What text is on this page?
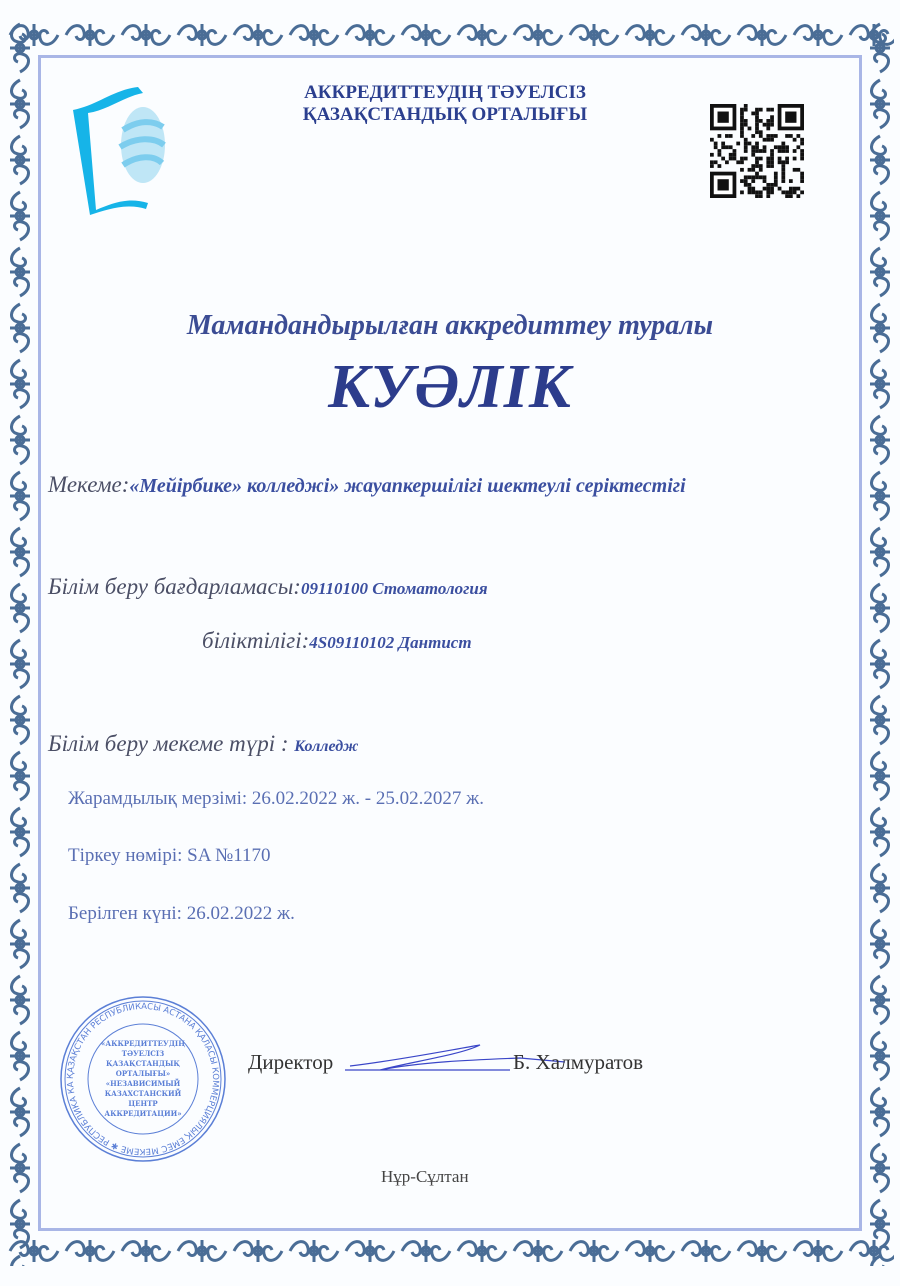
АККРЕДИТТЕУДІҢ ТӘУЕЛСІЗ
ҚАЗАҚСТАНДЫҚ ОРТАЛЫҒЫ
Мамандандырылған аккредиттеу туралы
КУӘЛІК
Мекеме:«Мейірбике» колледжі» жауапкершілігі шектеулі серіктестігі
Білім беру бағдарламасы:09110100 Стоматология
біліктілігі:4S09110102 Дантист
Білім беру мекеме түрі : Колледж
Жарамдылық мерзімі: 26.02.2022 ж. - 25.02.2027 ж.
Тіркеу нөмірі: SA №1170
Берілген күні: 26.02.2022 ж.
ҚАЗАҚСТАН РЕСПУБЛИКАСЫ АСТАНА ҚАЛАСЫ КОММЕРЦИЯЛЫҚ ЕМЕС МЕКЕМЕ ✱ РЕСПУБЛИКА КА
«АККРЕДИТТЕУДІҢ ТӘУЕЛСІЗ ҚАЗАҚСТАНДЫҚ ОРТАЛЫҒЫ» «НЕЗАВИСИМЫЙ КАЗАХСТАНСКИЙ ЦЕНТР АККРЕДИТАЦИИ»
Директор	Б. Халмуратов
Нұр-Сұлтан
